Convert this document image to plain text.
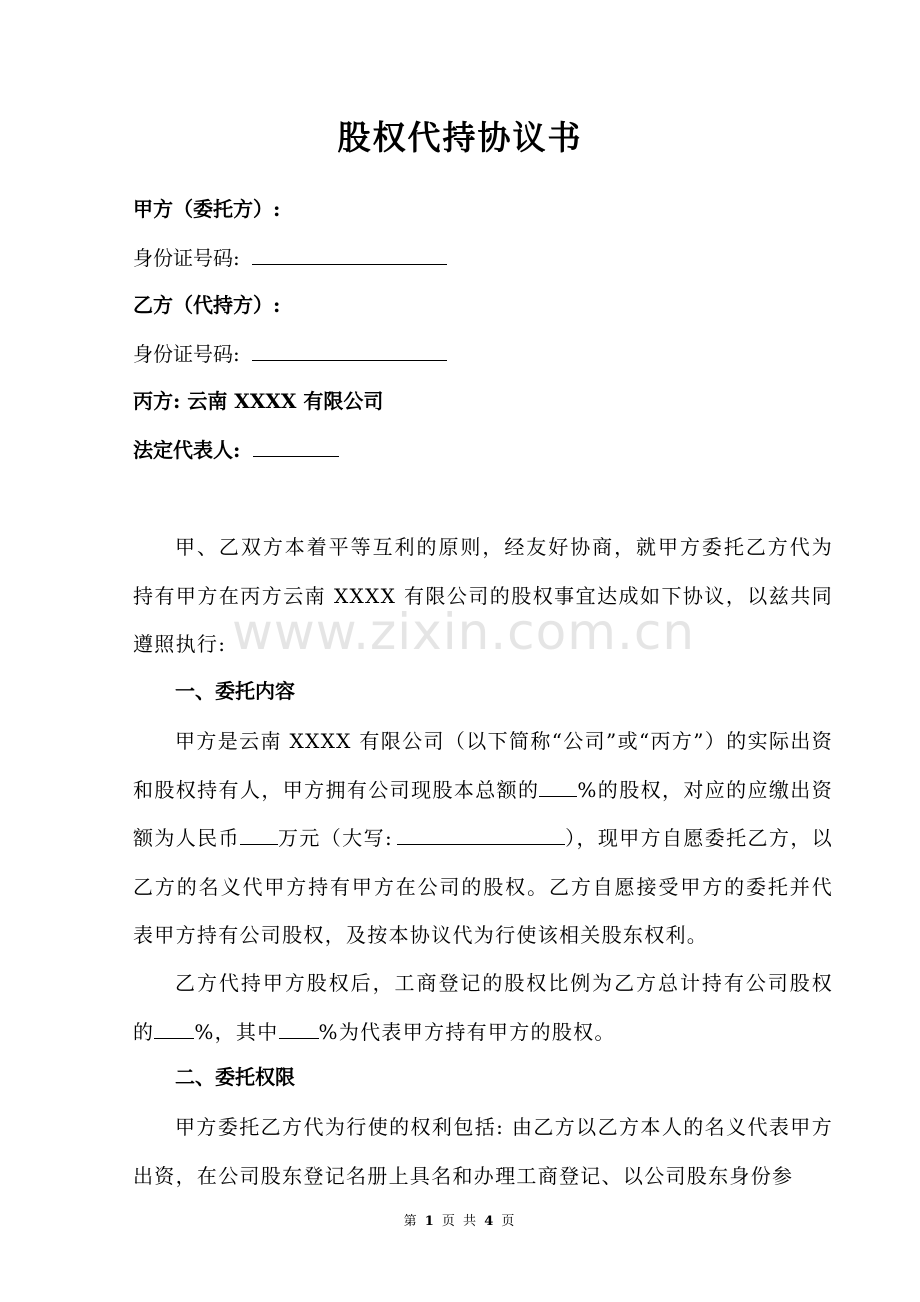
股权代持协议书
甲方（委托方）:
身份证号码:
乙方（代持方）:
身份证号码:
丙方: 云南 XXXX 有限公司
法定代表人:
www.zixin.com.cn

甲、乙双方本着平等互利的原则，经友好协商，就甲方委托乙方代为持有甲方在丙方云南 XXXX 有限公司的股权事宜达成如下协议，以兹共同遵照执行:

一、委托内容

甲方是云南 XXXX 有限公司（以下简称“公司”或“丙方”）的实际出资和股权持有人，甲方拥有公司现股本总额的 %的股权，对应的应缴出资额为人民币 万元（大写:	），现甲方自愿委托乙方，以乙方的名义代甲方持有甲方在公司的股权。乙方自愿接受甲方的委托并代表甲方持有公司股权，及按本协议代为行使该相关股东权利。

乙方代持甲方股权后，工商登记的股权比例为乙方总计持有公司股权的 %，其中 %为代表甲方持有甲方的股权。

二、委托权限

甲方委托乙方代为行使的权利包括: 由乙方以乙方本人的名义代表甲方出资，在公司股东登记名册上具名和办理工商登记、以公司股东身份参

第 1 页 共 4 页
